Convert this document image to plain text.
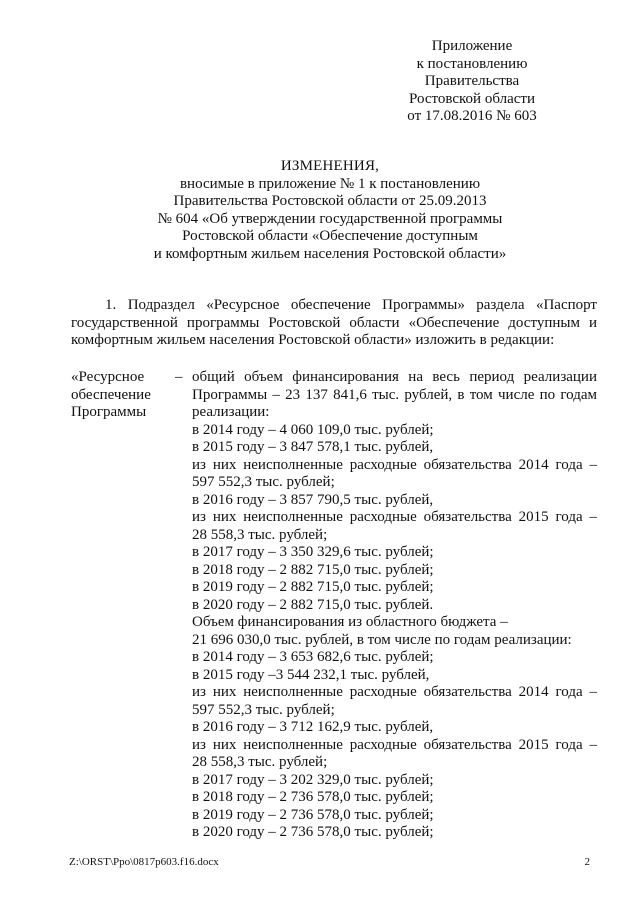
Приложение
к постановлению
Правительства
Ростовской области
от 17.08.2016 № 603
ИЗМЕНЕНИЯ,
вносимые в приложение № 1 к постановлению
Правительства Ростовской области от 25.09.2013
№ 604 «Об утверждении государственной программы
Ростовской области «Обеспечение доступным
и комфортным жильем населения Ростовской области»
1. Подраздел «Ресурсное обеспечение Программы» раздела «Паспорт
государственной программы Ростовской области «Обеспечение доступным и
комфортным жильем населения Ростовской области» изложить в редакции:
«Ресурсное
обеспечение
Программы
– общий объем финансирования на весь период реализации
Программы – 23 137 841,6 тыс. рублей, в том числе по годам
реализации:
в 2014 году – 4 060 109,0 тыс. рублей;
в 2015 году – 3 847 578,1 тыс. рублей,
из них неисполненные расходные обязательства 2014 года –
597 552,3 тыс. рублей;
в 2016 году – 3 857 790,5 тыс. рублей,
из них неисполненные расходные обязательства 2015 года –
28 558,3 тыс. рублей;
в 2017 году – 3 350 329,6 тыс. рублей;
в 2018 году – 2 882 715,0 тыс. рублей;
в 2019 году – 2 882 715,0 тыс. рублей;
в 2020 году – 2 882 715,0 тыс. рублей.
Объем финансирования из областного бюджета –
21 696 030,0 тыс. рублей, в том числе по годам реализации:
в 2014 году – 3 653 682,6 тыс. рублей;
в 2015 году –3 544 232,1 тыс. рублей,
из них неисполненные расходные обязательства 2014 года –
597 552,3 тыс. рублей;
в 2016 году – 3 712 162,9 тыс. рублей,
из них неисполненные расходные обязательства 2015 года –
28 558,3 тыс. рублей;
в 2017 году – 3 202 329,0 тыс. рублей;
в 2018 году – 2 736 578,0 тыс. рублей;
в 2019 году – 2 736 578,0 тыс. рублей;
в 2020 году – 2 736 578,0 тыс. рублей;
Z:\ORST\Ppo\0817p603.f16.docx	2
